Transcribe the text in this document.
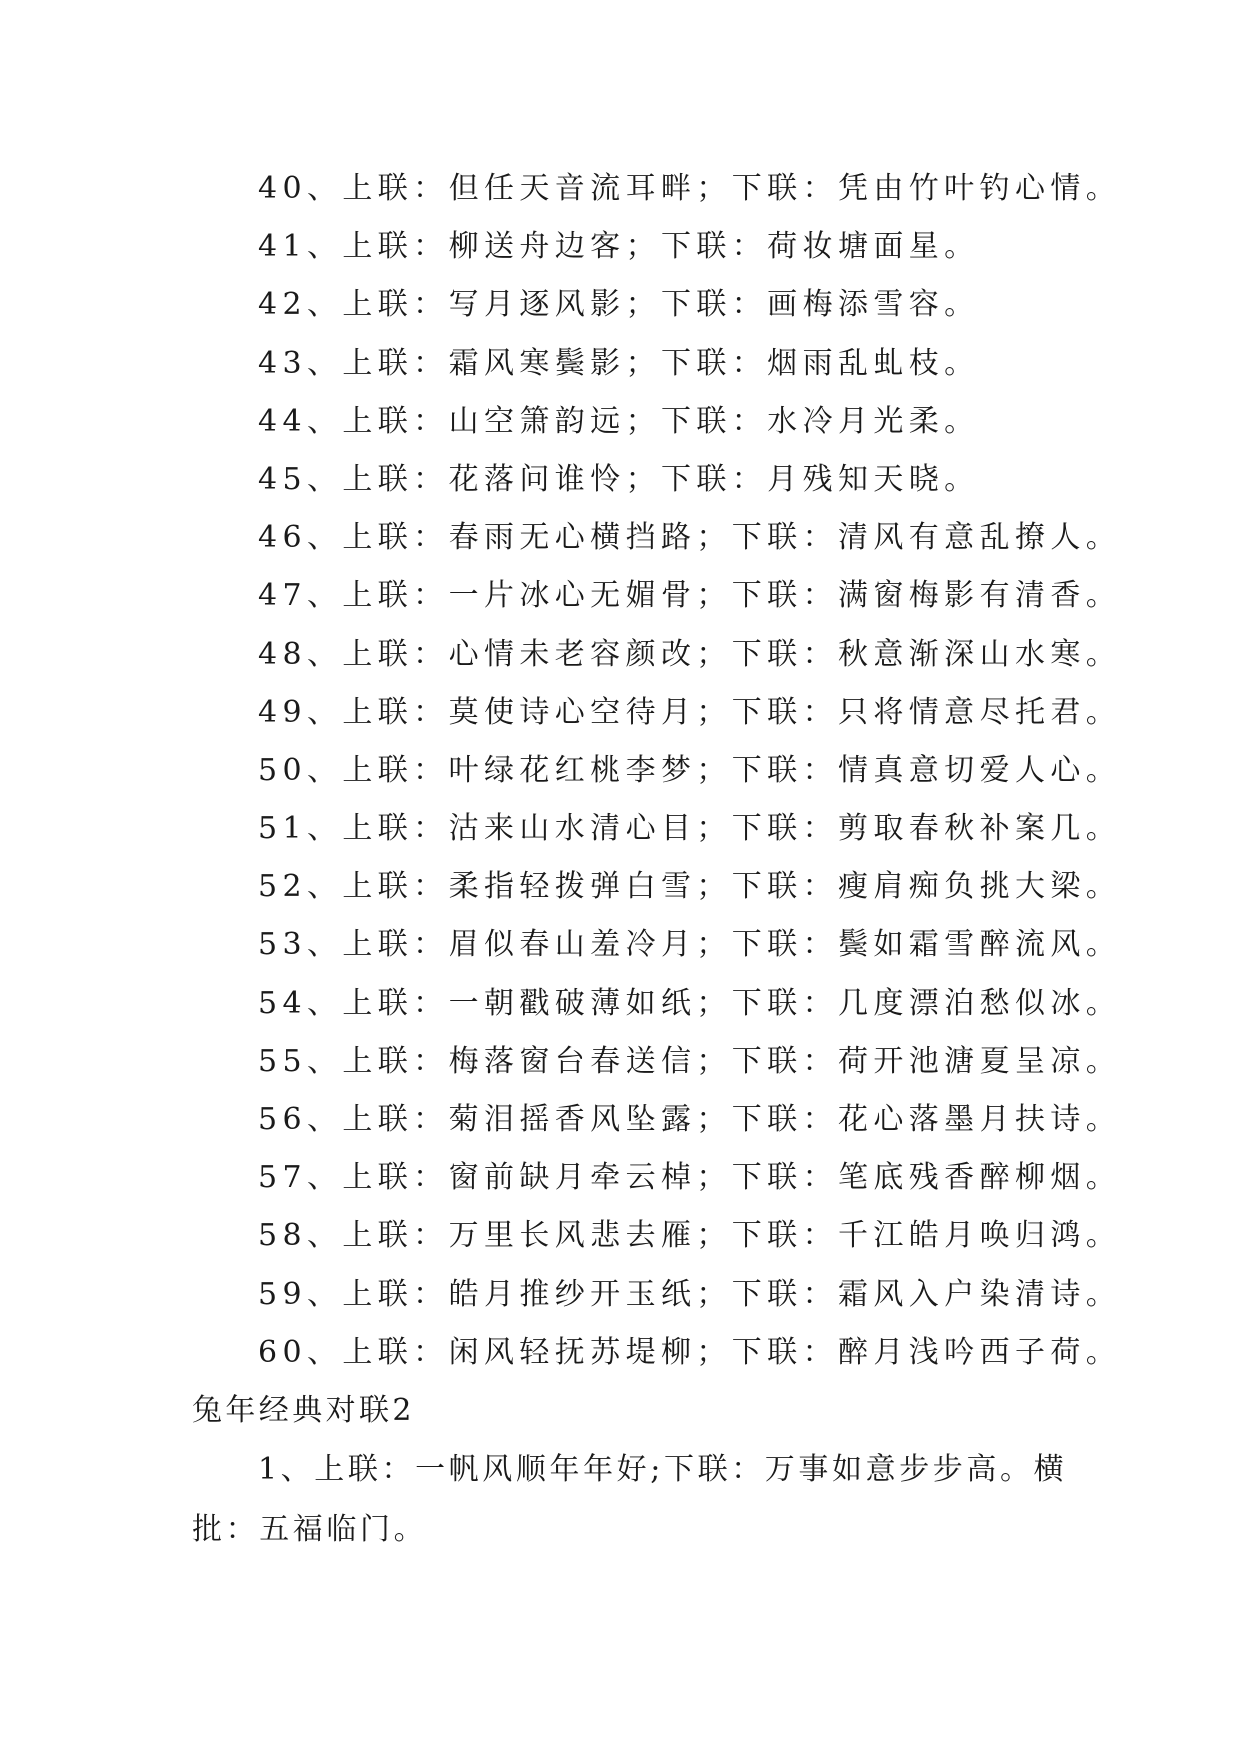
40、上联：但任天音流耳畔；下联：凭由竹叶钓心情。
41、上联：柳送舟边客；下联：荷妆塘面星。
42、上联：写月逐风影；下联：画梅添雪容。
43、上联：霜风寒鬓影；下联：烟雨乱虬枝。
44、上联：山空箫韵远；下联：水冷月光柔。
45、上联：花落问谁怜；下联：月残知天晓。
46、上联：春雨无心横挡路；下联：清风有意乱撩人。
47、上联：一片冰心无媚骨；下联：满窗梅影有清香。
48、上联：心情未老容颜改；下联：秋意渐深山水寒。
49、上联：莫使诗心空待月；下联：只将情意尽托君。
50、上联：叶绿花红桃李梦；下联：情真意切爱人心。
51、上联：沽来山水清心目；下联：剪取春秋补案几。
52、上联：柔指轻拨弹白雪；下联：瘦肩痴负挑大梁。
53、上联：眉似春山羞冷月；下联：鬓如霜雪醉流风。
54、上联：一朝戳破薄如纸；下联：几度漂泊愁似冰。
55、上联：梅落窗台春送信；下联：荷开池溏夏呈凉。
56、上联：菊泪摇香风坠露；下联：花心落墨月扶诗。
57、上联：窗前缺月牵云棹；下联：笔底残香醉柳烟。
58、上联：万里长风悲去雁；下联：千江皓月唤归鸿。
59、上联：皓月推纱开玉纸；下联：霜风入户染清诗。
60、上联：闲风轻抚苏堤柳；下联：醉月浅吟西子荷。
兔年经典对联2
1、上联：一帆风顺年年好;下联：万事如意步步高。横
批：五福临门。
